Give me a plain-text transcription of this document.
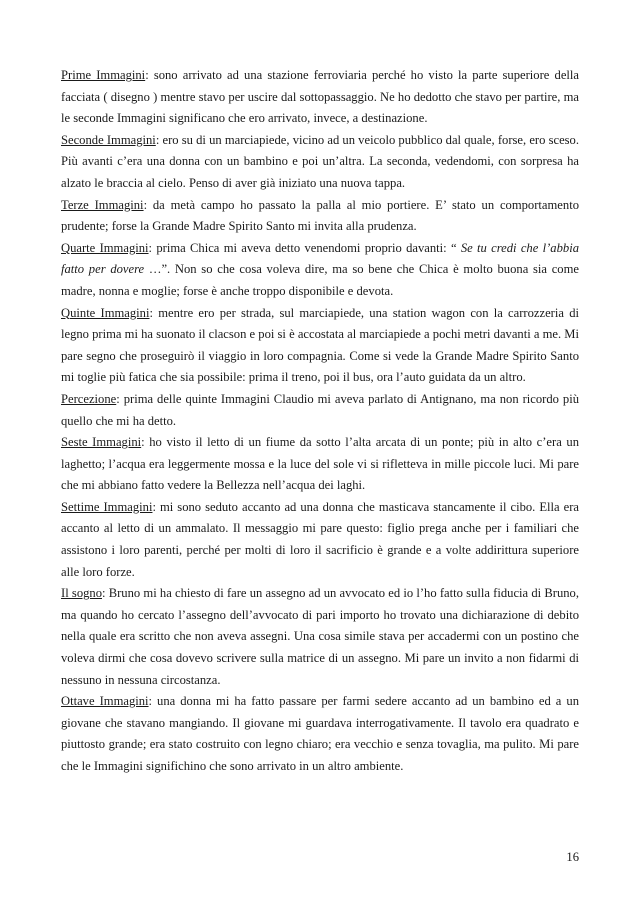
Prime Immagini: sono arrivato ad una stazione ferroviaria perché ho visto la parte superiore della facciata ( disegno ) mentre stavo per uscire dal sottopassaggio. Ne ho dedotto che stavo per partire, ma le seconde Immagini significano che ero arrivato, invece, a destinazione.

Seconde Immagini: ero su di un marciapiede, vicino ad un veicolo pubblico dal quale, forse, ero sceso. Più avanti c’era una donna con un bambino e poi un’altra. La seconda, vedendomi, con sorpresa ha alzato le braccia al cielo. Penso di aver già iniziato una nuova tappa.

Terze Immagini: da metà campo ho passato la palla al mio portiere. E’ stato un comportamento prudente; forse la Grande Madre Spirito Santo mi invita alla prudenza.

Quarte Immagini: prima Chica mi aveva detto venendomi proprio davanti: “ Se tu credi che l’abbia fatto per dovere …”. Non so che cosa voleva dire, ma so bene che Chica è molto buona sia come madre, nonna e moglie; forse è anche troppo disponibile e devota.

Quinte Immagini: mentre ero per strada, sul marciapiede, una station wagon con la carrozzeria di legno prima mi ha suonato il clacson e poi si è accostata al marciapiede a pochi metri davanti a me. Mi pare segno che proseguirò il viaggio in loro compagnia. Come si vede la Grande Madre Spirito Santo mi toglie più fatica che sia possibile: prima il treno, poi il bus, ora l’auto guidata da un altro.

Percezione: prima delle quinte Immagini Claudio mi aveva parlato di Antignano, ma non ricordo più quello che mi ha detto.

Seste Immagini: ho visto il letto di un fiume da sotto l’alta arcata di un ponte; più in alto c’era un laghetto; l’acqua era leggermente mossa e la luce del sole vi si rifletteva in mille piccole luci. Mi pare che mi abbiano fatto vedere la Bellezza nell’acqua dei laghi.

Settime Immagini: mi sono seduto accanto ad una donna che masticava stancamente il cibo. Ella era accanto al letto di un ammalato. Il messaggio mi pare questo: figlio prega anche per i familiari che assistono i loro parenti, perché per molti di loro il sacrificio è grande e a volte addirittura superiore alle loro forze.

Il sogno: Bruno mi ha chiesto di fare un assegno ad un avvocato ed io l’ho fatto sulla fiducia di Bruno, ma quando ho cercato l’assegno dell’avvocato di pari importo ho trovato una dichiarazione di debito nella quale era scritto che non aveva assegni. Una cosa simile stava per accadermi con un postino che voleva dirmi che cosa dovevo scrivere sulla matrice di un assegno. Mi pare un invito a non fidarmi di nessuno in nessuna circostanza.

Ottave Immagini: una donna mi ha fatto passare per farmi sedere accanto ad un bambino ed a un giovane che stavano mangiando. Il giovane mi guardava interrogativamente. Il tavolo era quadrato e piuttosto grande; era stato costruito con legno chiaro; era vecchio e senza tovaglia, ma pulito. Mi pare che le Immagini significhino che sono arrivato in un altro ambiente.

16
